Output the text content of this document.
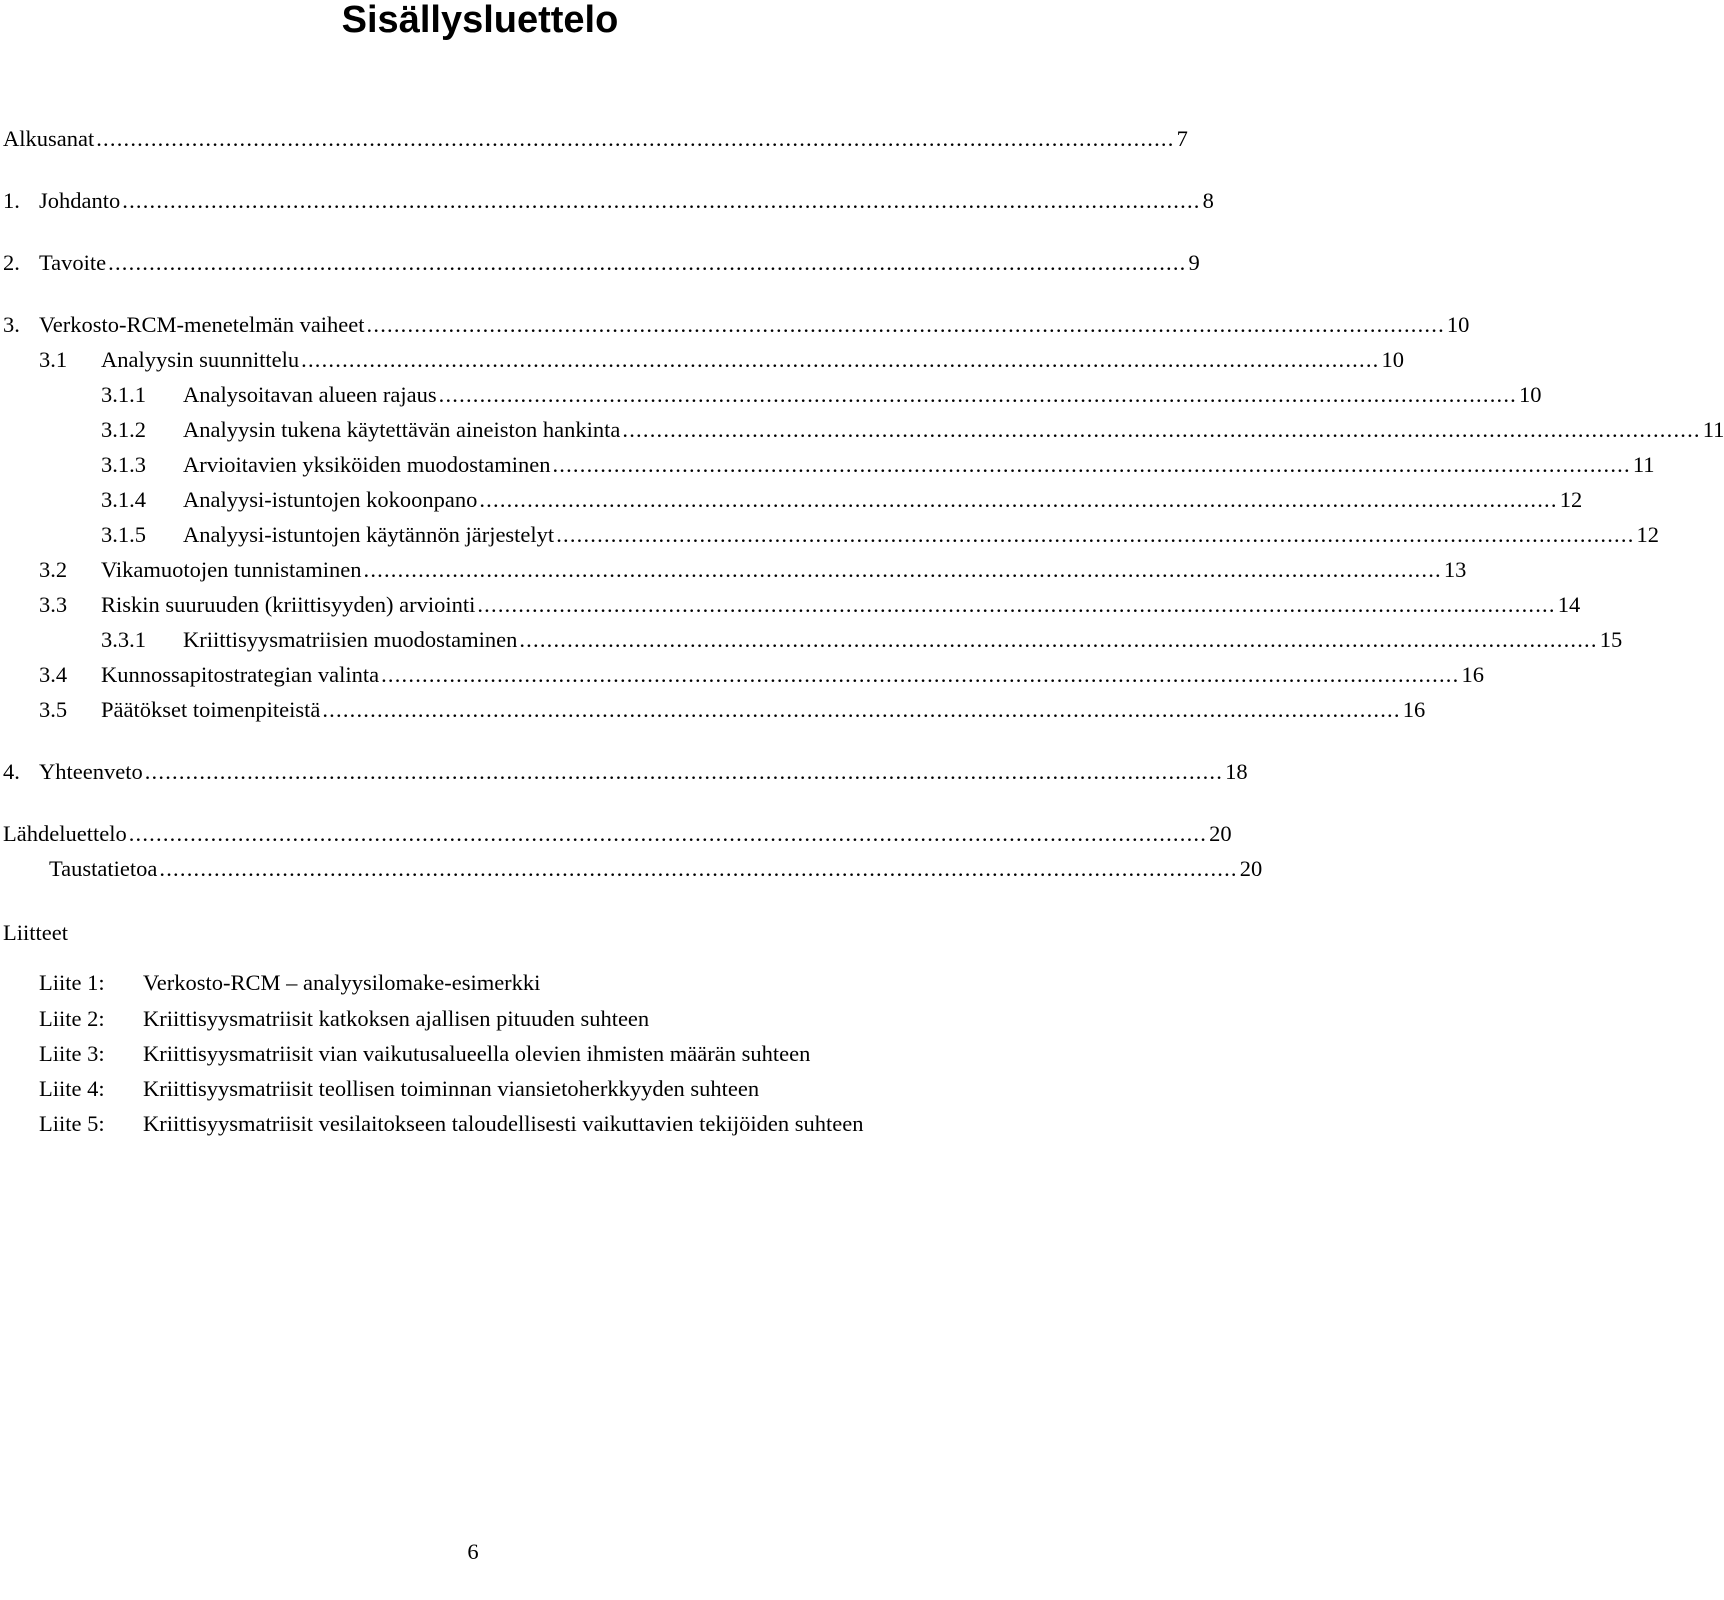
Sisällysluettelo
Alkusanat .............................................................................................................................................................. 7
1. Johdanto .............................................................................................................................................................. 8
2. Tavoite .............................................................................................................................................................. 9
3. Verkosto-RCM-menetelmän vaiheet .............................................................................................................................................................. 10
3.1 Analyysin suunnittelu .............................................................................................................................................................. 10
3.1.1 Analysoitavan alueen rajaus .............................................................................................................................................................. 10
3.1.2 Analyysin tukena käytettävän aineiston hankinta .............................................................................................................................................................. 11
3.1.3 Arvioitavien yksiköiden muodostaminen .............................................................................................................................................................. 11
3.1.4 Analyysi-istuntojen kokoonpano .............................................................................................................................................................. 12
3.1.5 Analyysi-istuntojen käytännön järjestelyt .............................................................................................................................................................. 12
3.2 Vikamuotojen tunnistaminen .............................................................................................................................................................. 13
3.3 Riskin suuruuden (kriittisyyden) arviointi .............................................................................................................................................................. 14
3.3.1 Kriittisyysmatriisien muodostaminen .............................................................................................................................................................. 15
3.4 Kunnossapitostrategian valinta .............................................................................................................................................................. 16
3.5 Päätökset toimenpiteistä .............................................................................................................................................................. 16
4. Yhteenveto .............................................................................................................................................................. 18
Lähdeluettelo .............................................................................................................................................................. 20
Taustatietoa .............................................................................................................................................................. 20
Liitteet
Liite 1: Verkosto-RCM – analyysilomake-esimerkki
Liite 2: Kriittisyysmatriisit katkoksen ajallisen pituuden suhteen
Liite 3: Kriittisyysmatriisit vian vaikutusalueella olevien ihmisten määrän suhteen
Liite 4: Kriittisyysmatriisit teollisen toiminnan viansietoherkkyyden suhteen
Liite 5: Kriittisyysmatriisit vesilaitokseen taloudellisesti vaikuttavien tekijöiden suhteen
6
